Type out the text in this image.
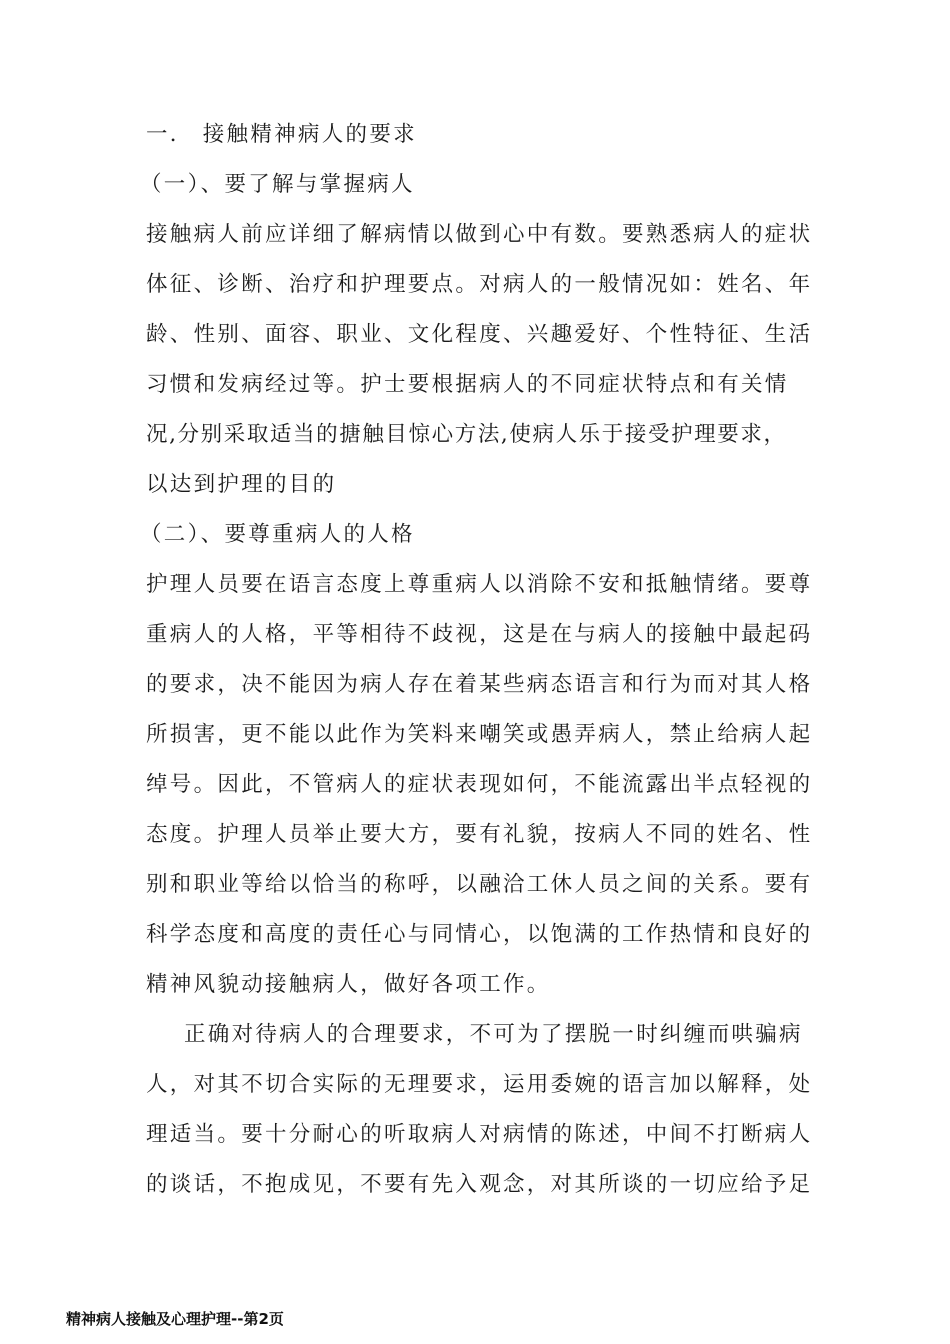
一． 接触精神病人的要求
（一）、要了解与掌握病人
接触病人前应详细了解病情以做到心中有数。要熟悉病人的症状
体征、诊断、治疗和护理要点。对病人的一般情况如：姓名、年
龄、性别、面容、职业、文化程度、兴趣爱好、个性特征、生活
习惯和发病经过等。护士要根据病人的不同症状特点和有关情
况,分别采取适当的搪触目惊心方法,使病人乐于接受护理要求，
以达到护理的目的
（二）、要尊重病人的人格
护理人员要在语言态度上尊重病人以消除不安和抵触情绪。要尊
重病人的人格，平等相待不歧视，这是在与病人的接触中最起码
的要求，决不能因为病人存在着某些病态语言和行为而对其人格
所损害，更不能以此作为笑料来嘲笑或愚弄病人，禁止给病人起
绰号。因此，不管病人的症状表现如何，不能流露出半点轻视的
态度。护理人员举止要大方，要有礼貌，按病人不同的姓名、性
别和职业等给以恰当的称呼，以融洽工休人员之间的关系。要有
科学态度和高度的责任心与同情心，以饱满的工作热情和良好的
精神风貌动接触病人，做好各项工作。
正确对待病人的合理要求，不可为了摆脱一时纠缠而哄骗病
人，对其不切合实际的无理要求，运用委婉的语言加以解释，处
理适当。要十分耐心的听取病人对病情的陈述，中间不打断病人
的谈话，不抱成见，不要有先入观念，对其所谈的一切应给予足
精神病人接触及心理护理--第2页
